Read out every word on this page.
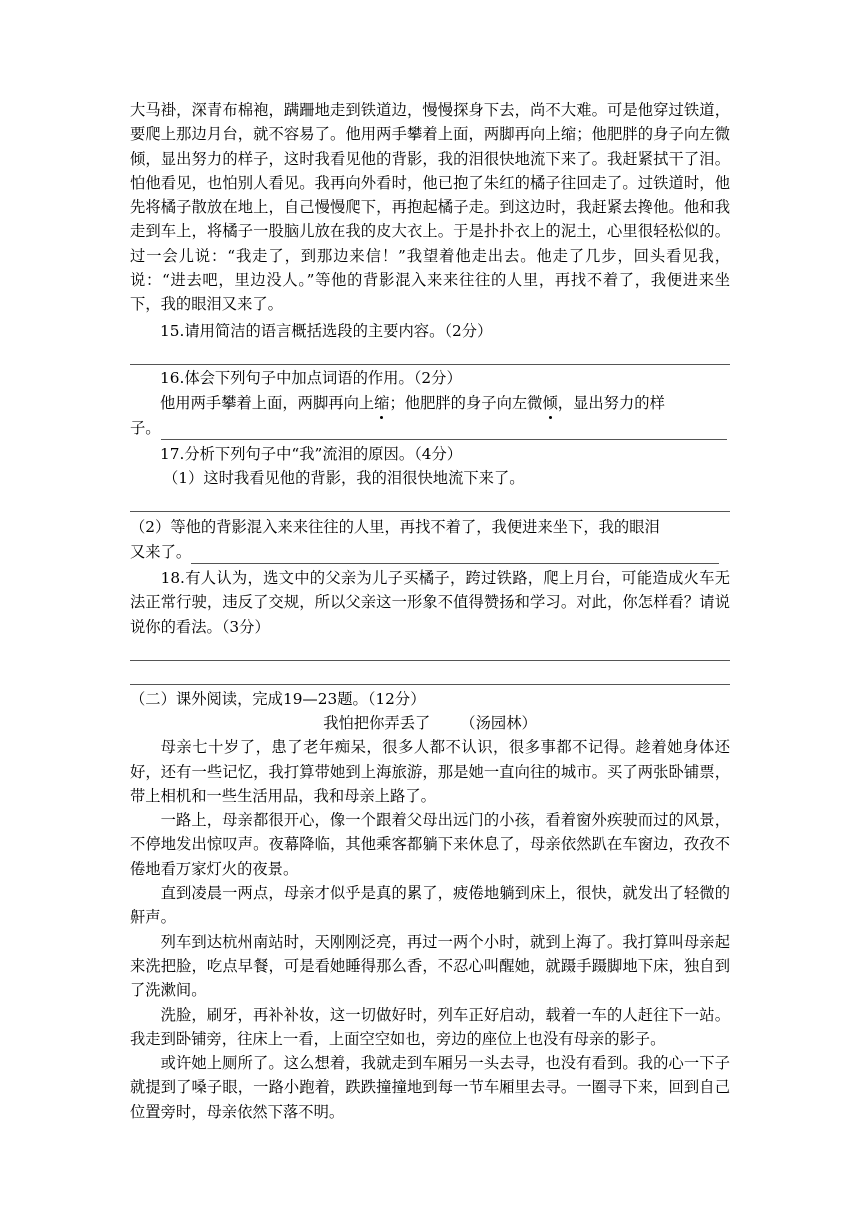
大马褂，深青布棉袍，蹒跚地走到铁道边，慢慢探身下去，尚不大难。可是他穿过铁道，要爬上那边月台，就不容易了。他用两手攀着上面，两脚再向上缩；他肥胖的身子向左微倾，显出努力的样子，这时我看见他的背影，我的泪很快地流下来了。我赶紧拭干了泪。怕他看见，也怕别人看见。我再向外看时，他已抱了朱红的橘子往回走了。过铁道时，他先将橘子散放在地上，自己慢慢爬下，再抱起橘子走。到这边时，我赶紧去搀他。他和我走到车上，将橘子一股脑儿放在我的皮大衣上。于是扑扑衣上的泥土，心里很轻松似的。过一会儿说：“我走了，到那边来信！”我望着他走出去。他走了几步，回头看见我，说：“进去吧，里边没人。”等他的背影混入来来往往的人里，再找不着了，我便进来坐下，我的眼泪又来了。

15.请用简洁的语言概括选段的主要内容。（2分）

16.体会下列句子中加点词语的作用。（2分）

他用两手攀着上面，两脚再向上缩；他肥胖的身子向左微倾，显出努力的样

子。

17.分析下列句子中“我”流泪的原因。（4分）

（1）这时我看见他的背影，我的泪很快地流下来了。

（2）等他的背影混入来来往往的人里，再找不着了，我便进来坐下，我的眼泪

又来了。

18.有人认为，选文中的父亲为儿子买橘子，跨过铁路，爬上月台，可能造成火车无法正常行驶，违反了交规，所以父亲这一形象不值得赞扬和学习。对此，你怎样看？请说说你的看法。（3分）

（二）课外阅读，完成19—23题。（12分）

我怕把你弄丢了 （汤园林）

母亲七十岁了，患了老年痴呆，很多人都不认识，很多事都不记得。趁着她身体还好，还有一些记忆，我打算带她到上海旅游，那是她一直向往的城市。买了两张卧铺票，带上相机和一些生活用品，我和母亲上路了。

一路上，母亲都很开心，像一个跟着父母出远门的小孩，看着窗外疾驶而过的风景，不停地发出惊叹声。夜幕降临，其他乘客都躺下来休息了，母亲依然趴在车窗边，孜孜不倦地看万家灯火的夜景。

直到凌晨一两点，母亲才似乎是真的累了，疲倦地躺到床上，很快，就发出了轻微的鼾声。

列车到达杭州南站时，天刚刚泛亮，再过一两个小时，就到上海了。我打算叫母亲起来洗把脸，吃点早餐，可是看她睡得那么香，不忍心叫醒她，就蹑手蹑脚地下床，独自到了洗漱间。

洗脸，刷牙，再补补妆，这一切做好时，列车正好启动，载着一车的人赶往下一站。我走到卧铺旁，往床上一看，上面空空如也，旁边的座位上也没有母亲的影子。

或许她上厕所了。这么想着，我就走到车厢另一头去寻，也没有看到。我的心一下子就提到了嗓子眼，一路小跑着，跌跌撞撞地到每一节车厢里去寻。一圈寻下来，回到自己位置旁时，母亲依然下落不明。
